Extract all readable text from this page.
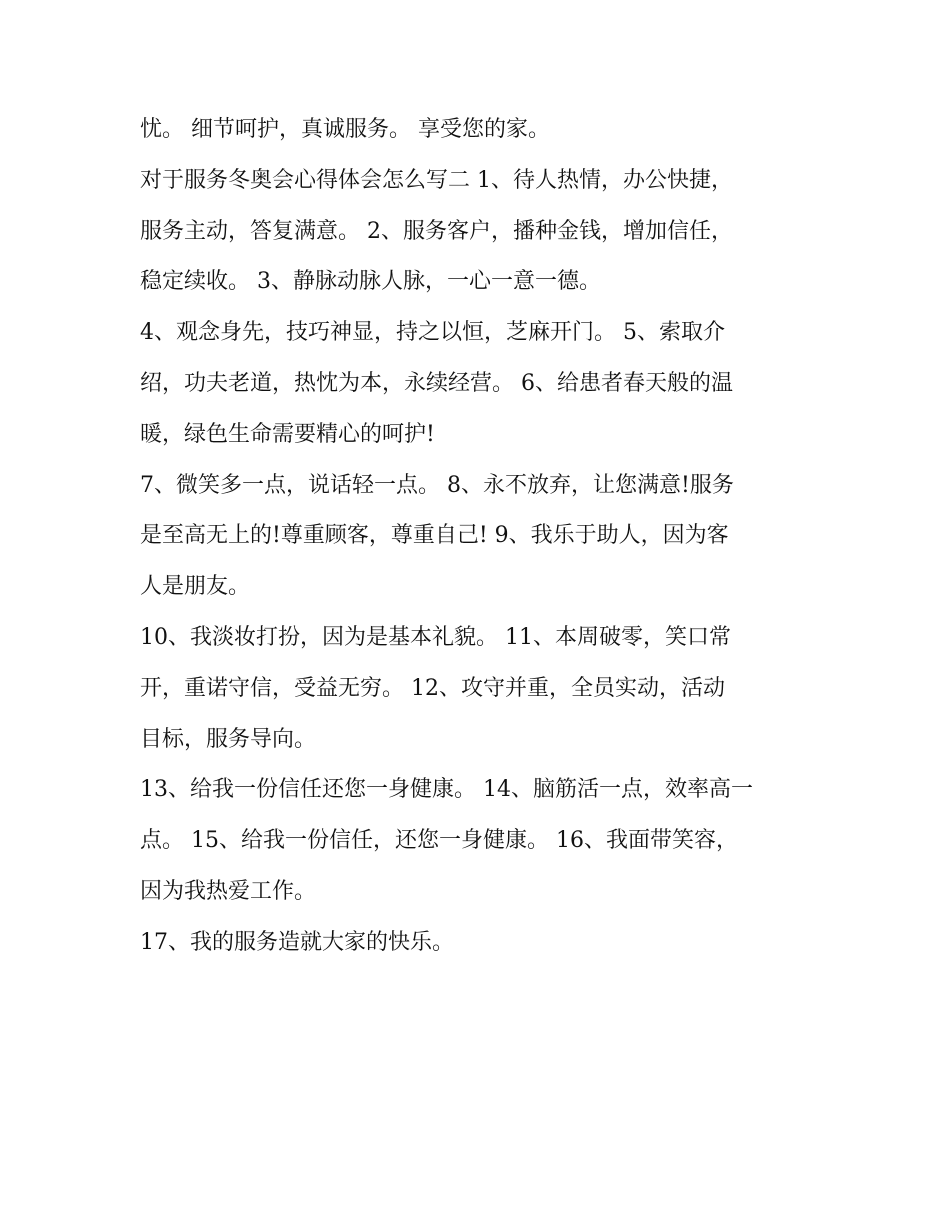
忧。 细节呵护，真诚服务。 享受您的家。
对于服务冬奥会心得体会怎么写二 1、待人热情，办公快捷，
服务主动，答复满意。 2、服务客户，播种金钱，增加信任，
稳定续收。 3、静脉动脉人脉，一心一意一德。
4、观念身先，技巧神显，持之以恒，芝麻开门。 5、索取介
绍，功夫老道，热忱为本，永续经营。 6、给患者春天般的温
暖，绿色生命需要精心的呵护!
7、微笑多一点，说话轻一点。 8、永不放弃，让您满意!服务
是至高无上的!尊重顾客，尊重自己! 9、我乐于助人，因为客
人是朋友。
10、我淡妆打扮，因为是基本礼貌。 11、本周破零，笑口常
开，重诺守信，受益无穷。 12、攻守并重，全员实动，活动
目标，服务导向。
13、给我一份信任还您一身健康。 14、脑筋活一点，效率高一
点。 15、给我一份信任，还您一身健康。 16、我面带笑容，
因为我热爱工作。
17、我的服务造就大家的快乐。
